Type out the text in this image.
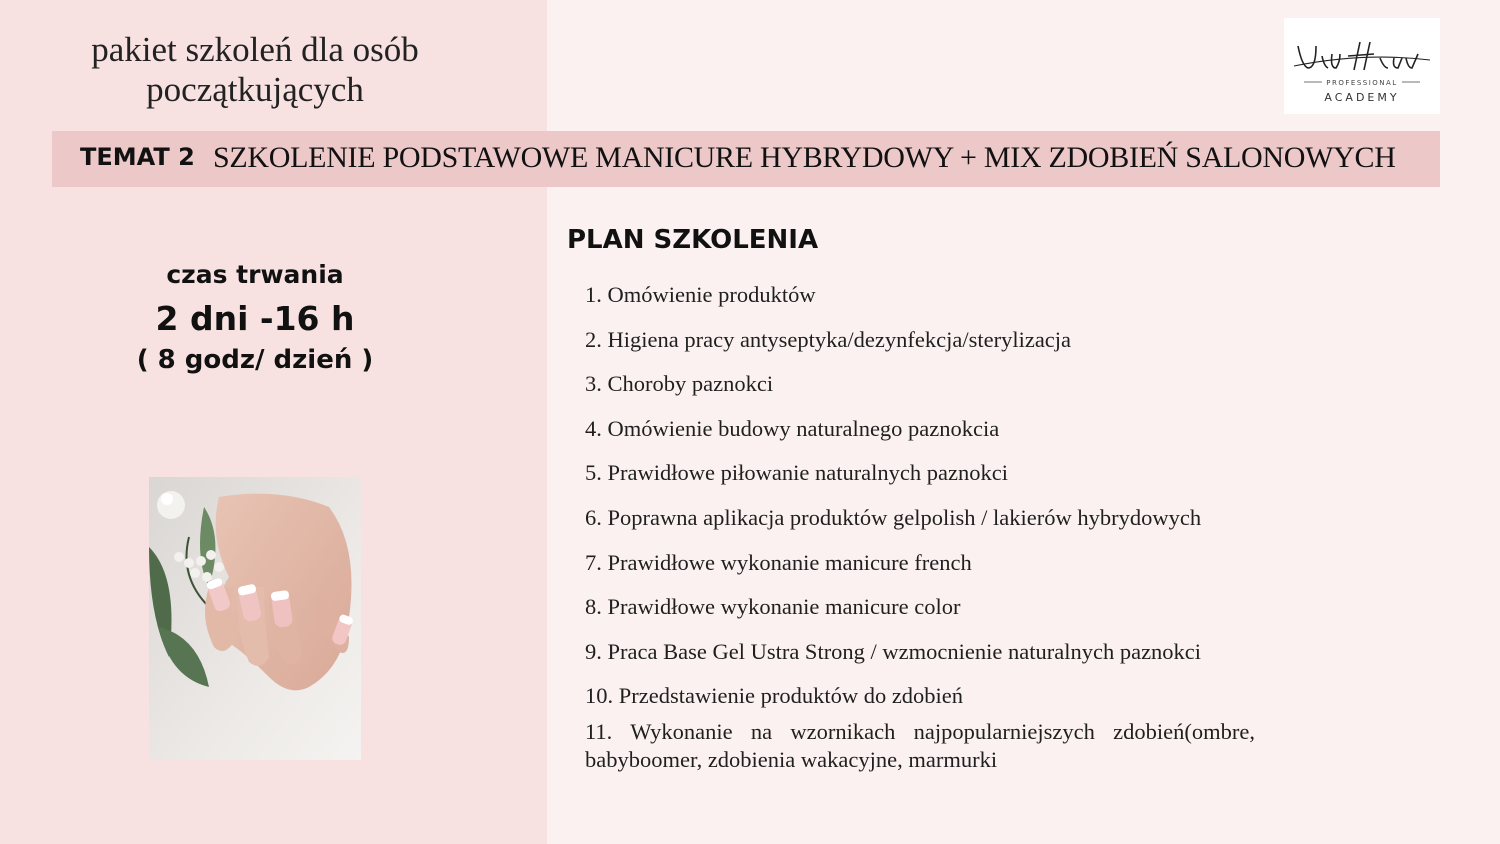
pakiet szkoleń dla osób początkujących	PROFESSIONAL
ACADEMY
TEMAT 2 SZKOLENIE PODSTAWOWE MANICURE HYBRYDOWY + MIX ZDOBIEŃ SALONOWYCH
czas trwania
2 dni -16 h
( 8 godz/ dzień )
PLAN SZKOLENIA
1. Omówienie produktów
2. Higiena pracy antyseptyka/dezynfekcja/sterylizacja
3. Choroby paznokci
4. Omówienie budowy naturalnego paznokcia
5. Prawidłowe piłowanie naturalnych paznokci
6. Poprawna aplikacja produktów gelpolish / lakierów hybrydowych
7. Prawidłowe wykonanie manicure french
8. Prawidłowe wykonanie manicure color
9. Praca Base Gel Ustra Strong / wzmocnienie naturalnych paznokci
10. Przedstawienie produktów do zdobień
11. Wykonanie na wzornikach najpopularniejszych zdobień(ombre, babyboomer, zdobienia wakacyjne, marmurki
